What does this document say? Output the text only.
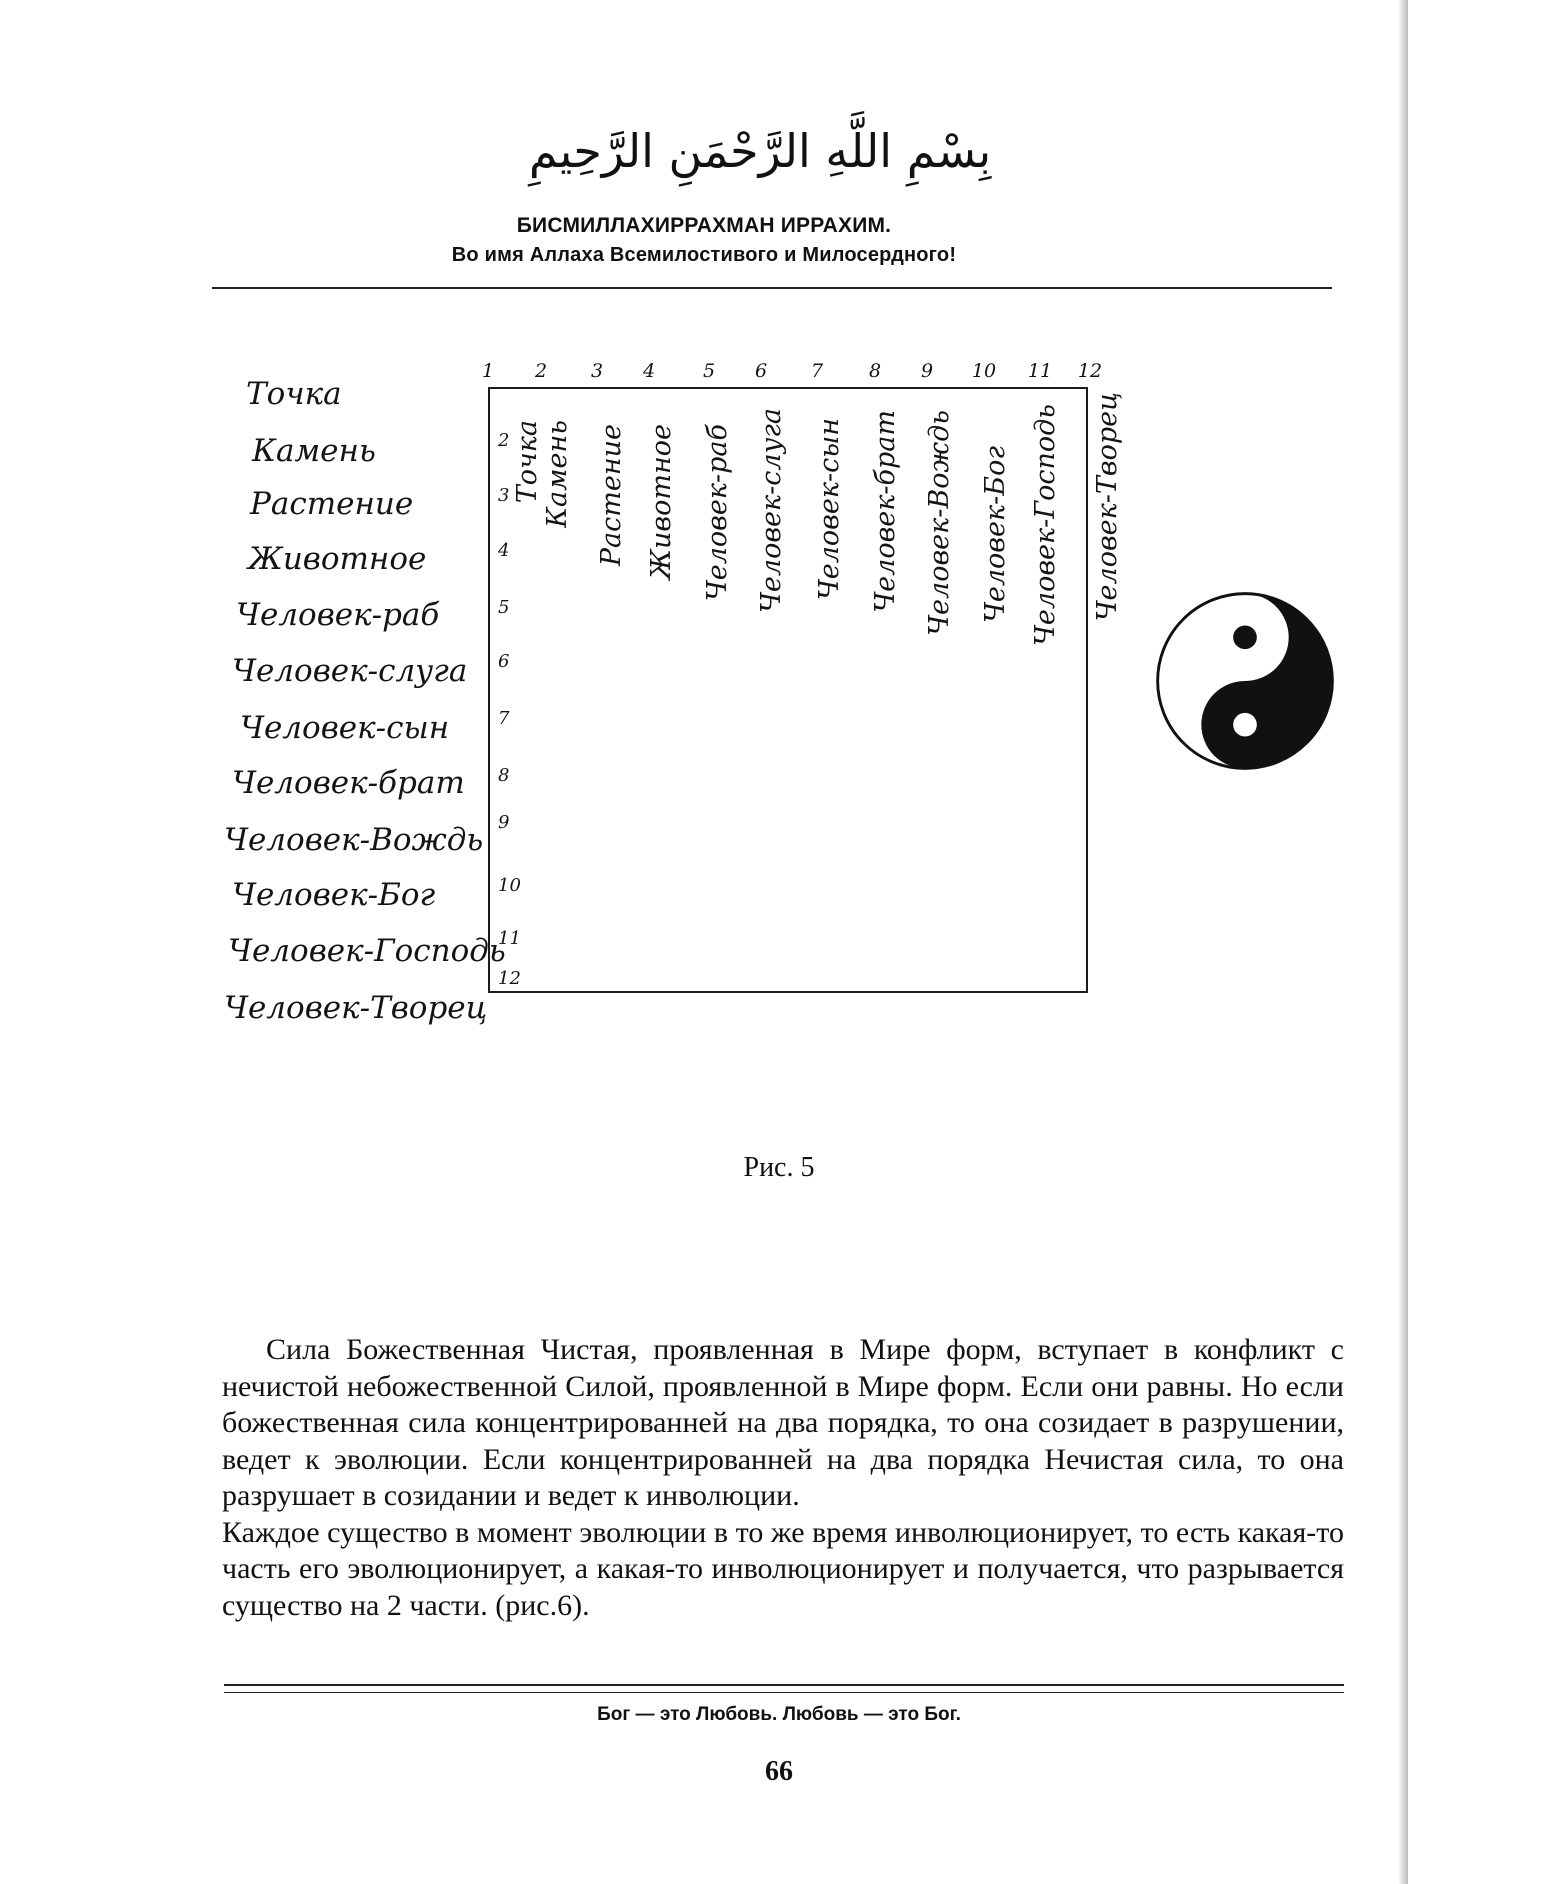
بِسْمِ اللَّهِ الرَّحْمَنِ الرَّحِيمِ
БИСМИЛЛАХИРРАХМАН ИРРАХИМ.
Во имя Аллаха Всемилостивого и Милосердного!
Точка
Камень
Растение
Животное
Человек-раб
Человек-слуга
Человек-сын
Человек-брат
Человек-Вождь
Человек-Бог
Человек-Господь
Человек-Творец
1 2 3 4	5 6 7 8 9 10 11 12
2
3
4
5
6
7
8
9
10
11
12
Точка Камень Растение Животное Человек-раб Человек-слуга Человек-сын Человек-брат Человек-Вождь Человек-Бог Человек-Господь Человек-Творец
Рис. 5

Сила Божественная Чистая, проявленная в Мире форм, вступает в конфликт с нечистой небожественной Силой, проявленной в Мире форм. Если они равны. Но если божественная сила концентрированней на два порядка, то она созидает в разрушении, ведет к эволюции. Если концентрированней на два порядка Нечистая сила, то она разрушает в созидании и ведет к инволюции.

Каждое существо в момент эволюции в то же время инволюционирует, то есть какая-то часть его эволюционирует, а какая-то инволюционирует и получается, что разрывается существо на 2 части. (рис.6).

Бог — это Любовь. Любовь — это Бог.
66
